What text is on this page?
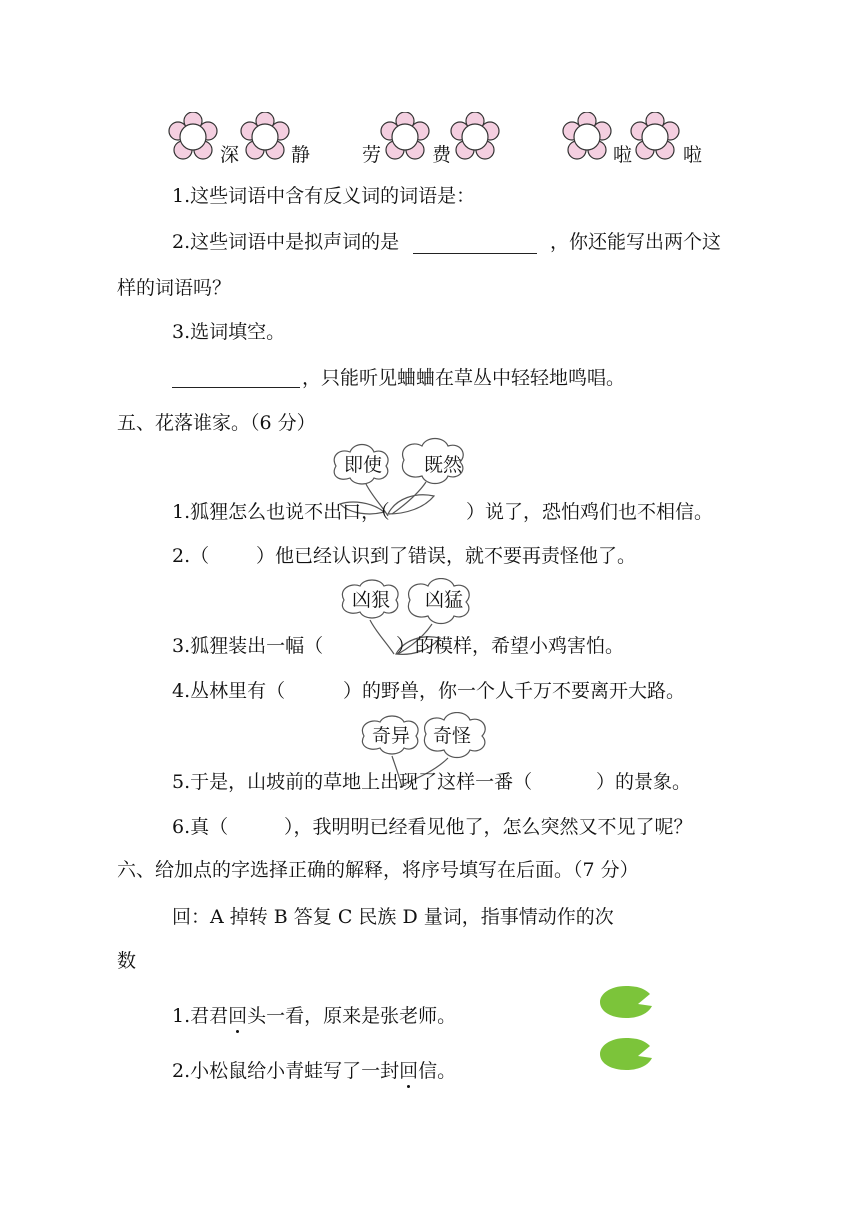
深	静	劳	费	啦	啦
1.这些词语中含有反义词的词语是：
2.这些词语中是拟声词的是	，你还能写出两个这
样的词语吗？
3.选词填空。
，只能听见蛐蛐在草丛中轻轻地鸣唱。
五、花落谁家。（6 分）
即使 既然
1.狐狸怎么也说不出口，（	）说了，恐怕鸡们也不相信。
2.（ ）他已经认识到了错误，就不要再责怪他了。
凶狠 凶猛
3.狐狸装出一幅（	）的模样，希望小鸡害怕。
4.丛林里有（	）的野兽，你一个人千万不要离开大路。
奇异 奇怪
5.于是，山坡前的草地上出现了这样一番（	）的景象。
6.真（	），我明明已经看见他了，怎么突然又不见了呢？
六、给加点的字选择正确的解释，将序号填写在后面。（7 分）
回：A 掉转 B 答复 C 民族 D 量词，指事情动作的次
数
1.君君回头一看，原来是张老师。
2.小松鼠给小青蛙写了一封回信。
